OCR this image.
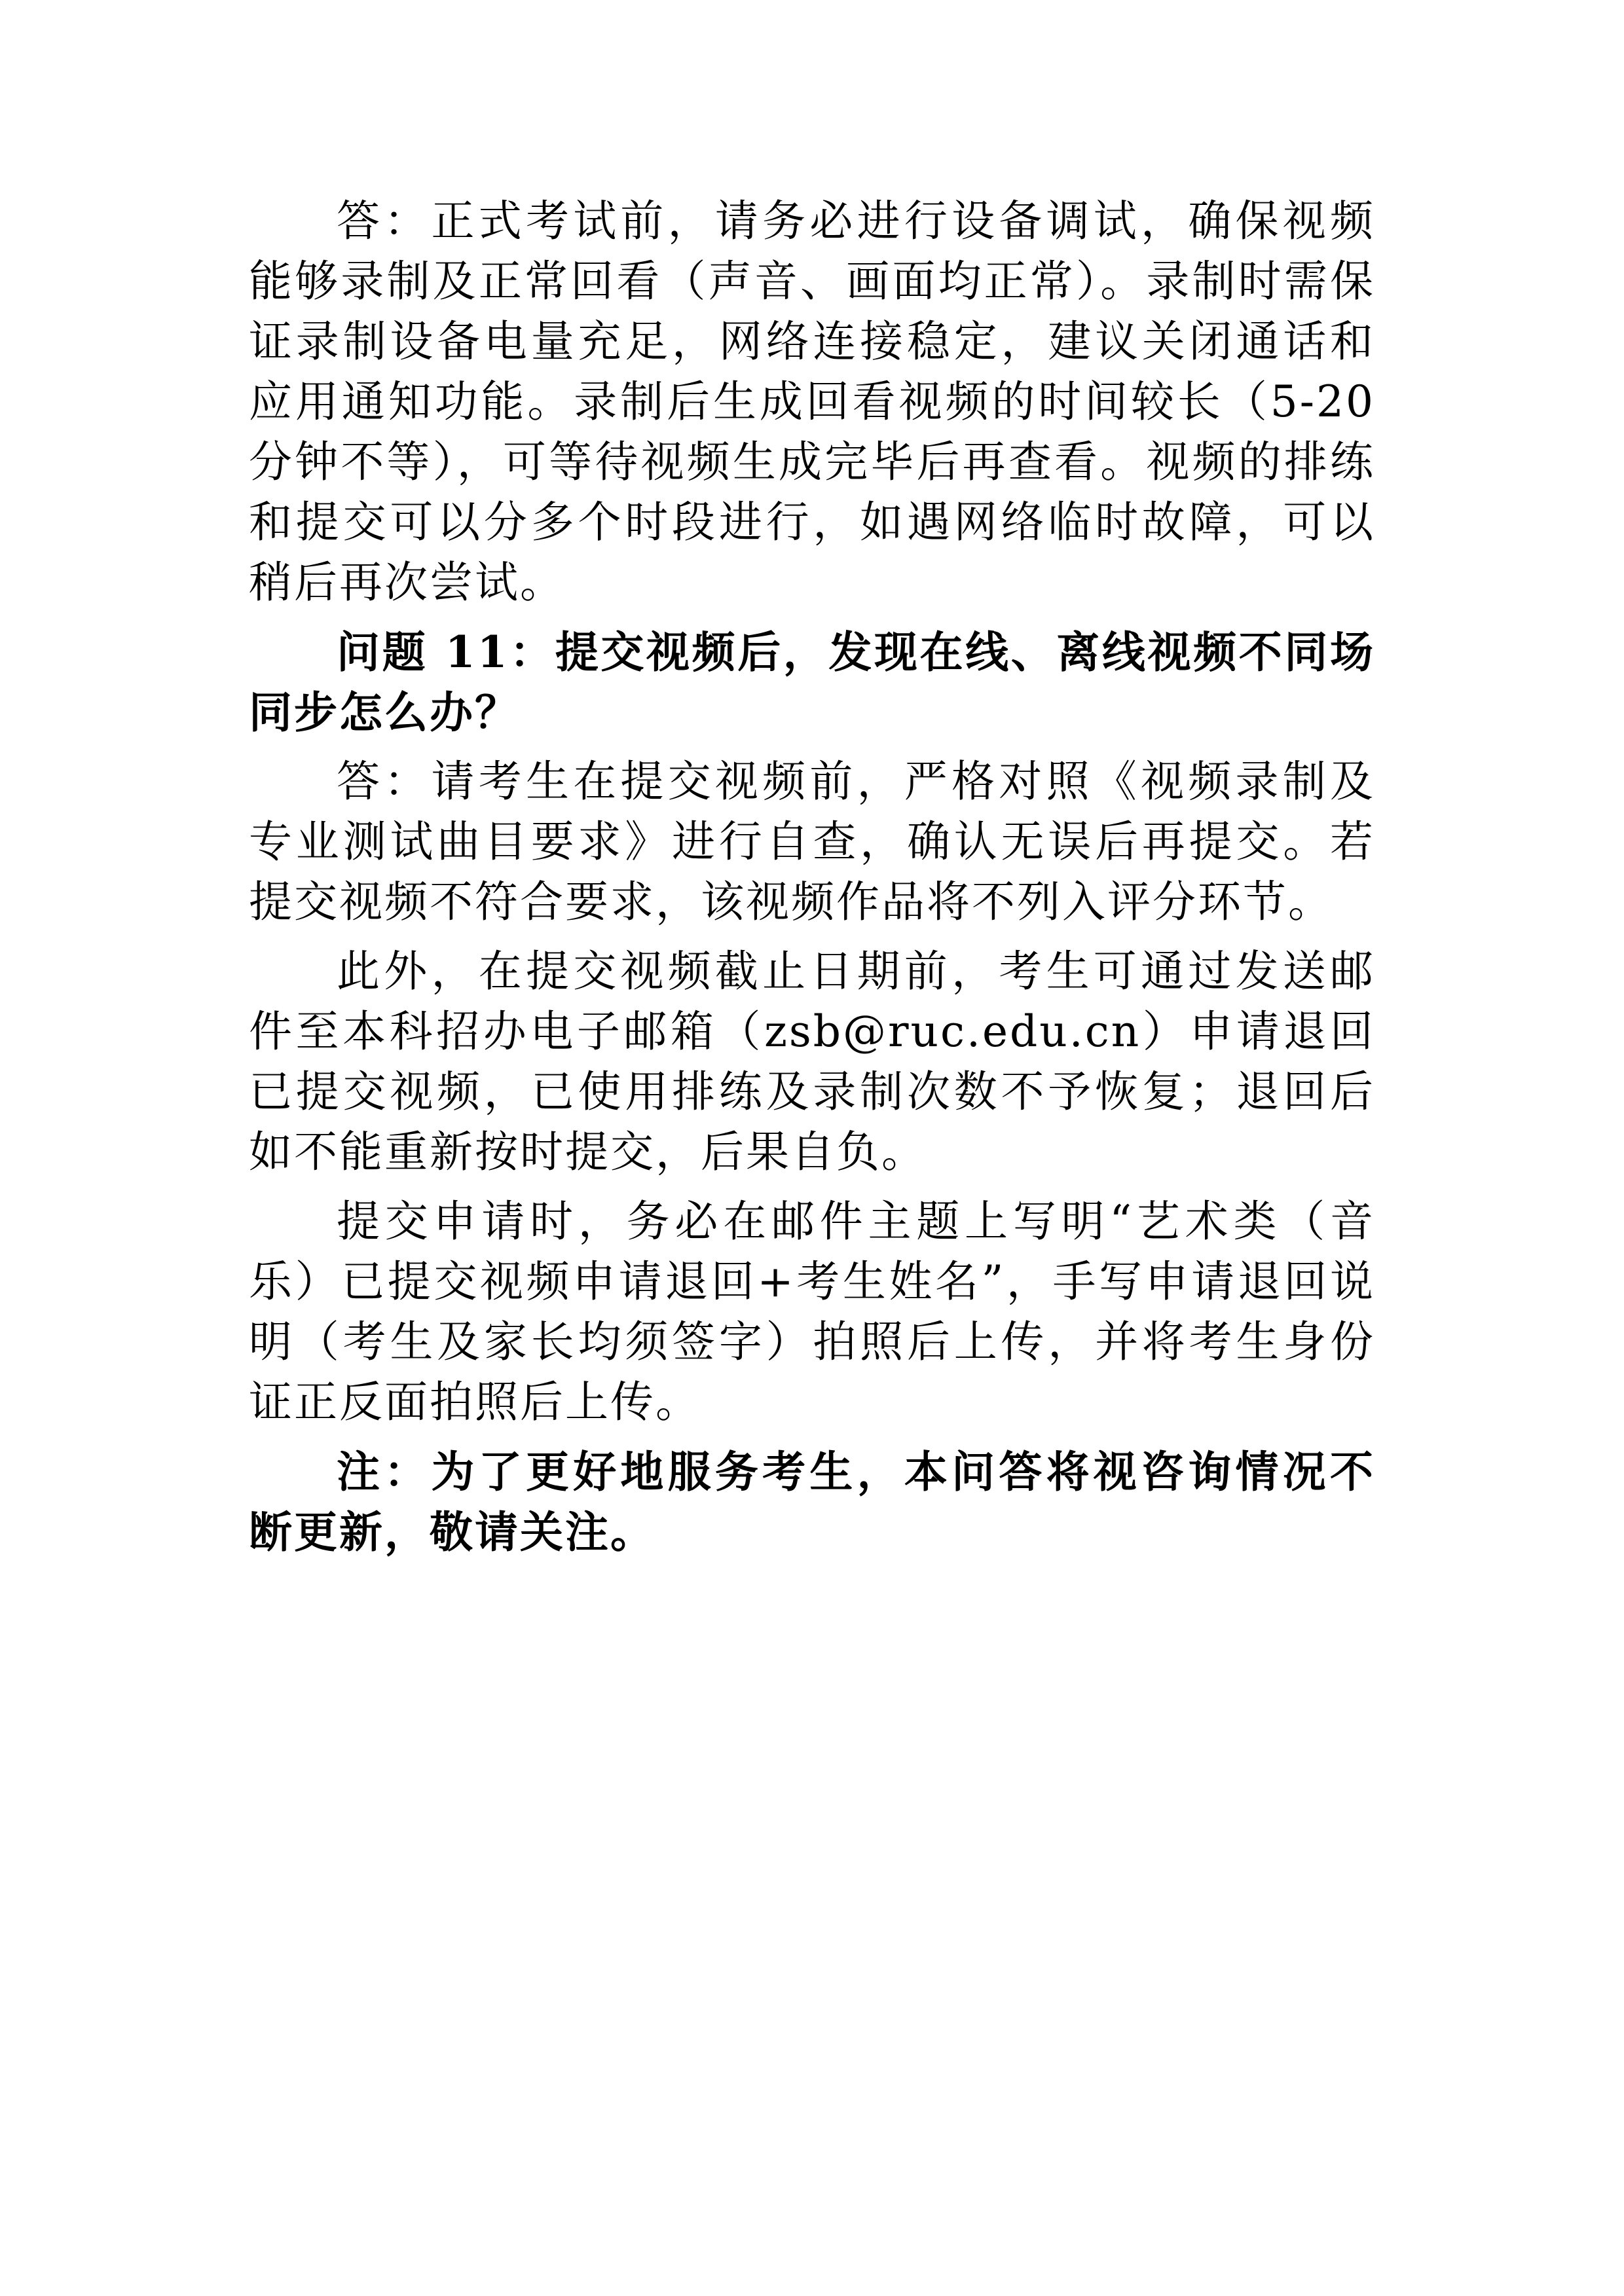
答：正式考试前，请务必进行设备调试，确保视频能够录制及正常回看（声音、画面均正常）。录制时需保证录制设备电量充足，网络连接稳定，建议关闭通话和应用通知功能。录制后生成回看视频的时间较长（5-20 分钟不等），可等待视频生成完毕后再查看。视频的排练和提交可以分多个时段进行，如遇网络临时故障，可以稍后再次尝试。

问题 11：提交视频后，发现在线、离线视频不同场同步怎么办？

答：请考生在提交视频前，严格对照《视频录制及专业测试曲目要求》进行自查，确认无误后再提交。若提交视频不符合要求，该视频作品将不列入评分环节。

此外，在提交视频截止日期前，考生可通过发送邮件至本科招办电子邮箱（zsb@ruc.edu.cn）申请退回已提交视频，已使用排练及录制次数不予恢复；退回后如不能重新按时提交，后果自负。

提交申请时，务必在邮件主题上写明“艺术类（音乐）已提交视频申请退回+考生姓名”，手写申请退回说明（考生及家长均须签字）拍照后上传，并将考生身份证正反面拍照后上传。

注：为了更好地服务考生，本问答将视咨询情况不断更新，敬请关注。
